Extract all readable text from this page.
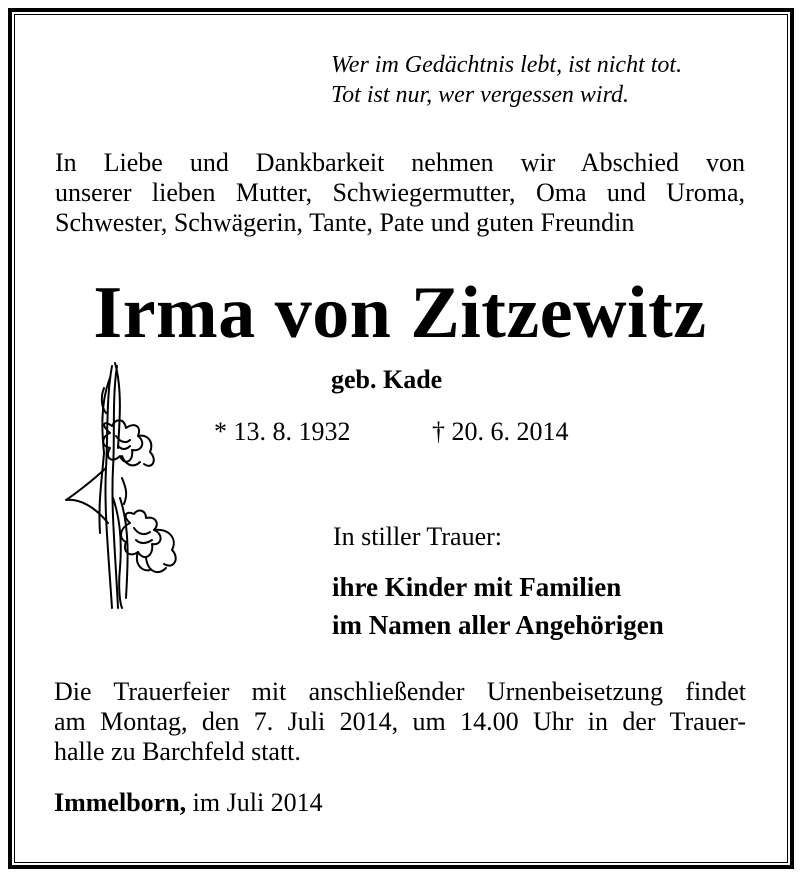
Wer im Gedächtnis lebt, ist nicht tot.
Tot ist nur, wer vergessen wird.
In Liebe und Dankbarkeit nehmen wir Abschied von
unserer lieben Mutter, Schwiegermutter, Oma und Uroma,
Schwester, Schwägerin, Tante, Pate und guten Freundin
Irma von Zitzewitz
geb. Kade
* 13. 8. 1932	† 20. 6. 2014
In stiller Trauer:
ihre Kinder mit Familien
im Namen aller Angehörigen
Die Trauerfeier mit anschließender Urnenbeisetzung findet
am Montag, den 7. Juli 2014, um 14.00 Uhr in der Trauer-
halle zu Barchfeld statt.
Immelborn, im Juli 2014
